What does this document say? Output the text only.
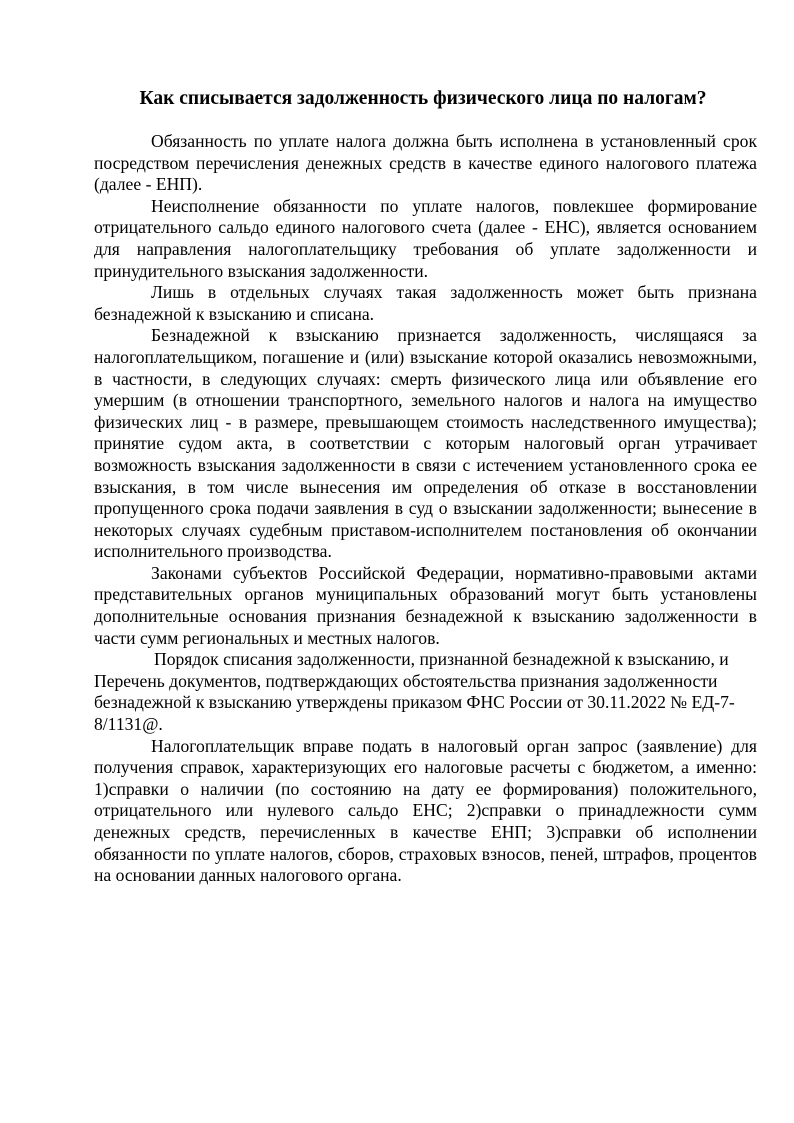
Как списывается задолженность физического лица по налогам?

Обязанность по уплате налога должна быть исполнена в установленный срок посредством перечисления денежных средств в качестве единого налогового платежа (далее - ЕНП).

Неисполнение обязанности по уплате налогов, повлекшее формирование отрицательного сальдо единого налогового счета (далее - ЕНС), является основанием для направления налогоплательщику требования об уплате задолженности и принудительного взыскания задолженности.

Лишь в отдельных случаях такая задолженность может быть признана безнадежной к взысканию и списана.

Безнадежной к взысканию признается задолженность, числящаяся за налогоплательщиком, погашение и (или) взыскание которой оказались невозможными, в частности, в следующих случаях: смерть физического лица или объявление его умершим (в отношении транспортного, земельного налогов и налога на имущество физических лиц - в размере, превышающем стоимость наследственного имущества); принятие судом акта, в соответствии с которым налоговый орган утрачивает возможность взыскания задолженности в связи с истечением установленного срока ее взыскания, в том числе вынесения им определения об отказе в восстановлении пропущенного срока подачи заявления в суд о взыскании задолженности; вынесение в некоторых случаях судебным приставом-исполнителем постановления об окончании исполнительного производства.

Законами субъектов Российской Федерации, нормативно-правовыми актами представительных органов муниципальных образований могут быть установлены дополнительные основания признания безнадежной к взысканию задолженности в части сумм региональных и местных налогов.

Порядок списания задолженности, признанной безнадежной к взысканию, и Перечень документов, подтверждающих обстоятельства признания задолженности безнадежной к взысканию утверждены приказом ФНС России от 30.11.2022 № ЕД-7-8/1131@.

Налогоплательщик вправе подать в налоговый орган запрос (заявление) для получения справок, характеризующих его налоговые расчеты с бюджетом, а именно: 1)справки о наличии (по состоянию на дату ее формирования) положительного, отрицательного или нулевого сальдо ЕНС; 2)справки о принадлежности сумм денежных средств, перечисленных в качестве ЕНП; 3)справки об исполнении обязанности по уплате налогов, сборов, страховых взносов, пеней, штрафов, процентов на основании данных налогового органа.
